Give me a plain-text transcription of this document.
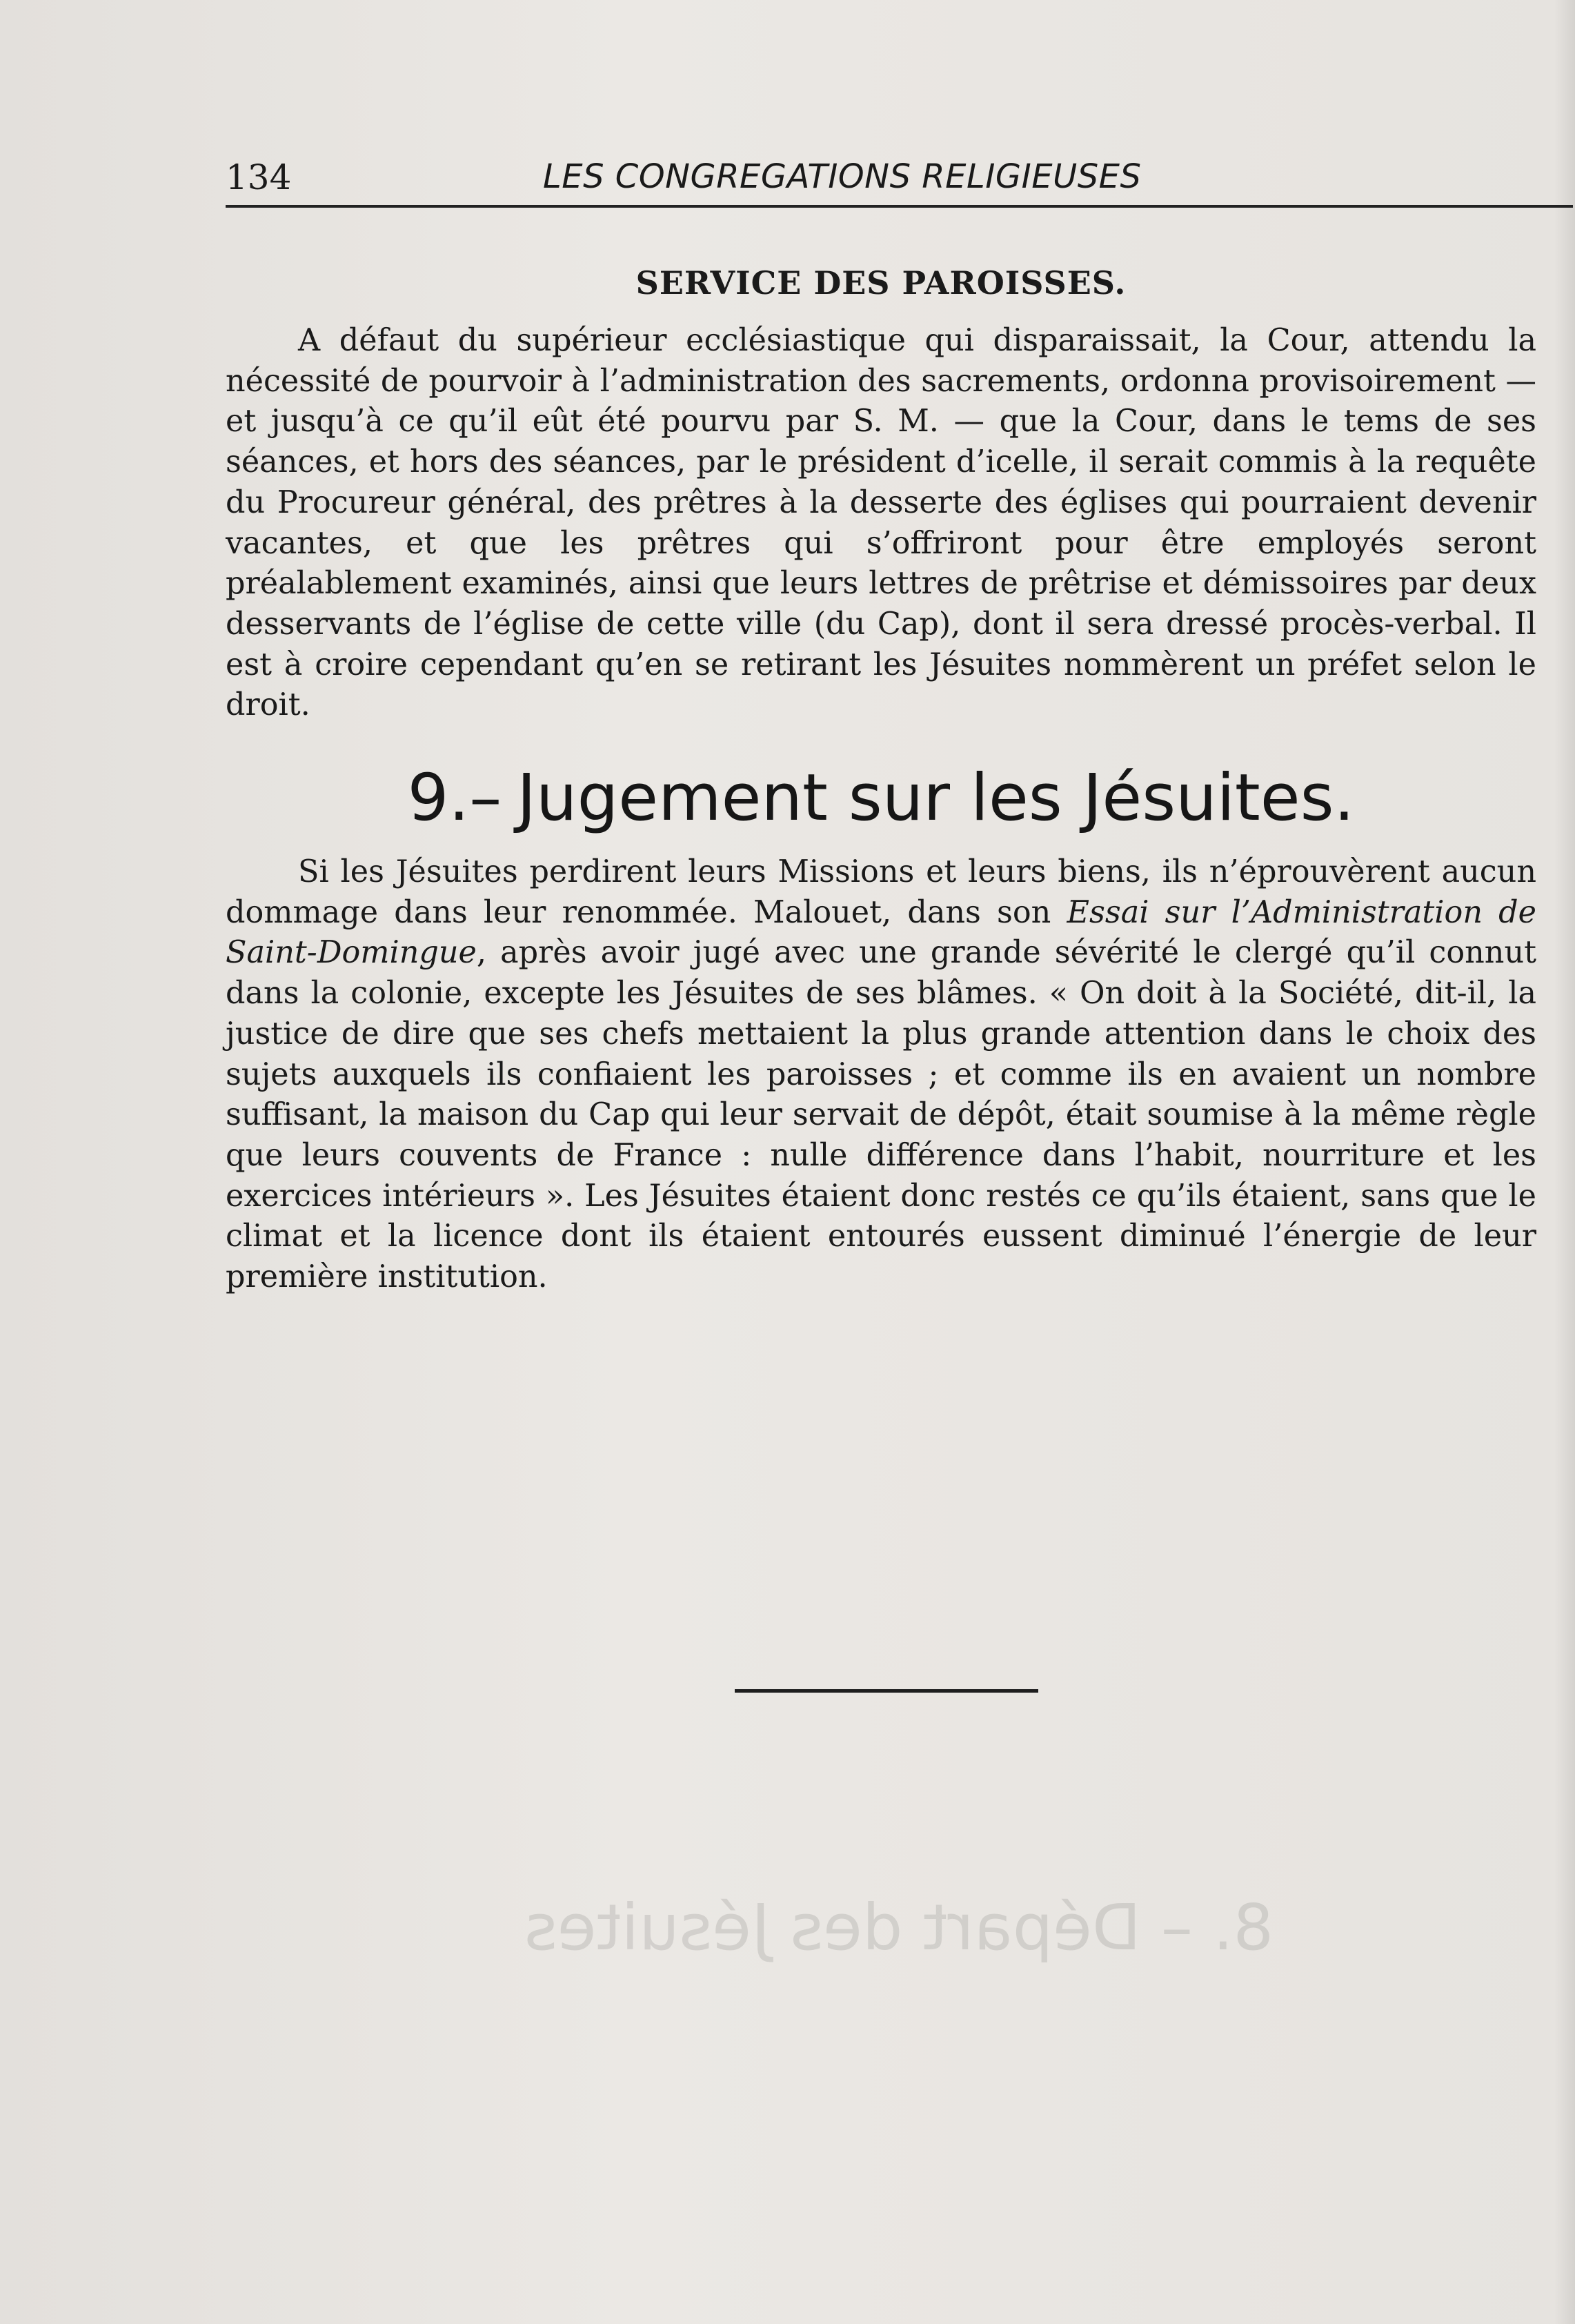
8. – Départ des Jésuites
134	LES CONGREGATIONS RELIGIEUSES
SERVICE DES PAROISSES.

A défaut du supérieur ecclésiastique qui disparaissait, la Cour, attendu la nécessité de pourvoir à l’administration des sacrements, ordonna provisoirement — et jusqu’à ce qu’il eût été pourvu par S. M. — que la Cour, dans le tems de ses séances, et hors des séances, par le président d’icelle, il serait commis à la requête du Procureur général, des prêtres à la desserte des églises qui pourraient devenir vacantes, et que les prêtres qui s’offriront pour être employés seront préalablement examinés, ainsi que leurs lettres de prêtrise et démissoires par deux desservants de l’église de cette ville (du Cap), dont il sera dressé procès-verbal. Il est à croire cependant qu’en se retirant les Jésuites nommèrent un préfet selon le droit.

9.– Jugement sur les Jésuites.

Si les Jésuites perdirent leurs Missions et leurs biens, ils n’éprouvèrent aucun dommage dans leur renommée. Malouet, dans son Essai sur l’Administration de Saint-Domingue, après avoir jugé avec une grande sévérité le clergé qu’il connut dans la colonie, excepte les Jésuites de ses blâmes. « On doit à la Société, dit-il, la justice de dire que ses chefs mettaient la plus grande attention dans le choix des sujets auxquels ils confiaient les paroisses ; et comme ils en avaient un nombre suffisant, la maison du Cap qui leur servait de dépôt, était soumise à la même règle que leurs couvents de France : nulle différence dans l’habit, nourriture et les exercices intérieurs ». Les Jésuites étaient donc restés ce qu’ils étaient, sans que le climat et la licence dont ils étaient entourés eussent diminué l’énergie de leur première institution.
